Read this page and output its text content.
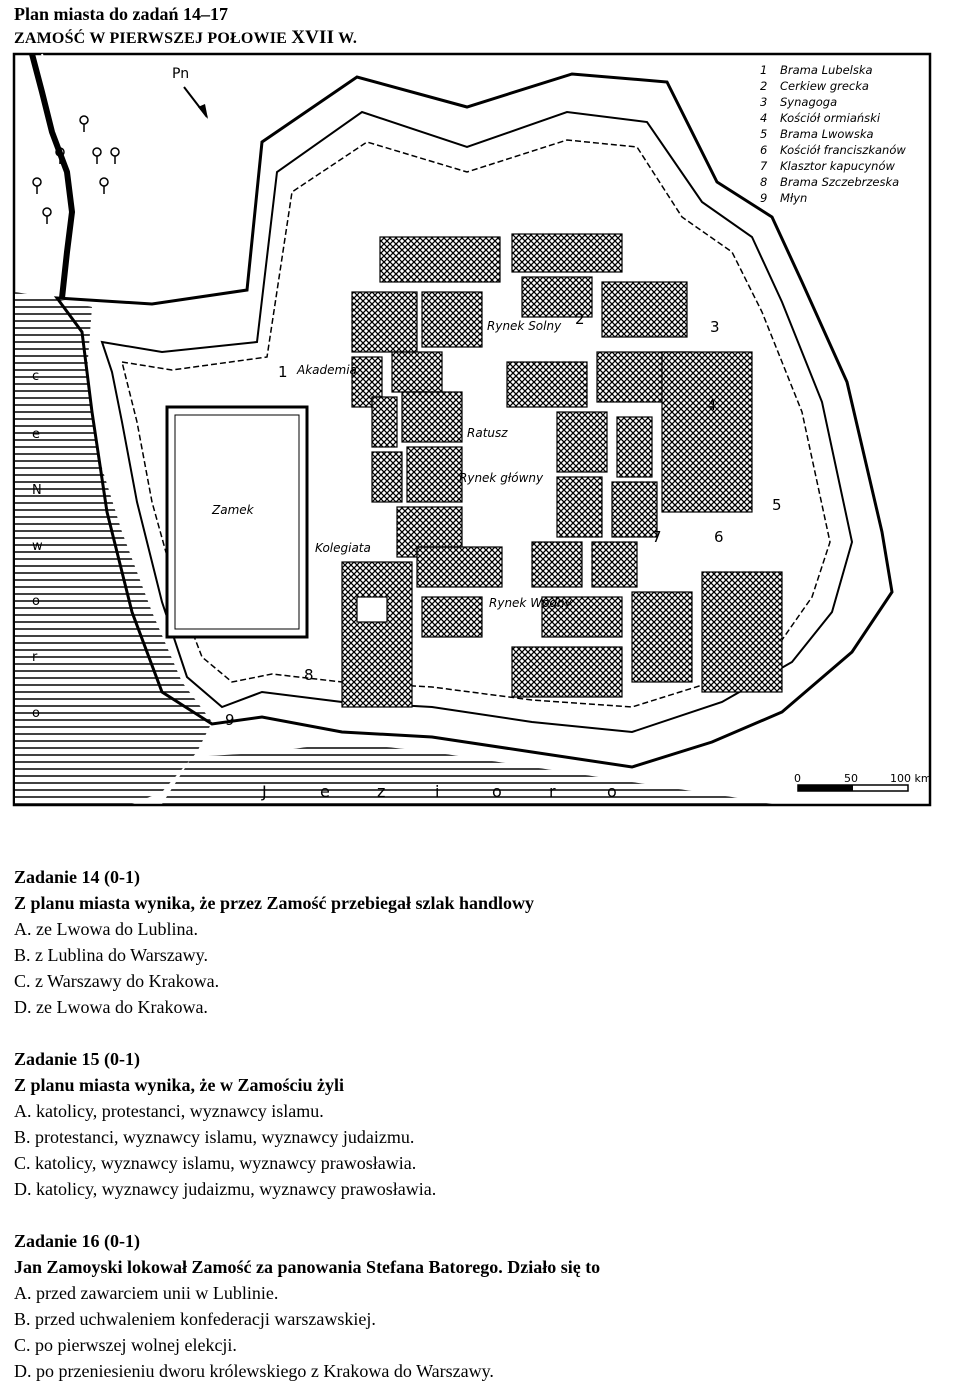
Plan miasta do zadań 14–17
ZAMOŚĆ W PIERWSZEJ POŁOWIE XVII W.
Pn
0	50	100 km
1 Brama Lubelska
2 Cerkiew grecka
3 Synagoga
4 Kościół ormiański
5 Brama Lwowska
6 Kościół franciszkanów
7 Klasztor kapucynów
8 Brama Szczebrzeska
9 Młyn
Zamek
Akademia
Rynek Solny
Ratusz
Rynek główny
Kolegiata
Rynek Wodny
1
2	3
4
5
6
7
8
9
J	e	z	i	o	r	o
c
e
N
w
o
r
o
Zadanie 14 (0-1)
Z planu miasta wynika, że przez Zamość przebiegał szlak handlowy
A. ze Lwowa do Lublina.
B. z Lublina do Warszawy.
C. z Warszawy do Krakowa.
D. ze Lwowa do Krakowa.
Zadanie 15 (0-1)
Z planu miasta wynika, że w Zamościu żyli
A. katolicy, protestanci, wyznawcy islamu.
B. protestanci, wyznawcy islamu, wyznawcy judaizmu.
C. katolicy, wyznawcy islamu, wyznawcy prawosławia.
D. katolicy, wyznawcy judaizmu, wyznawcy prawosławia.
Zadanie 16 (0-1)
Jan Zamoyski lokował Zamość za panowania Stefana Batorego. Działo się to
A. przed zawarciem unii w Lublinie.
B. przed uchwaleniem konfederacji warszawskiej.
C. po pierwszej wolnej elekcji.
D. po przeniesieniu dworu królewskiego z Krakowa do Warszawy.
